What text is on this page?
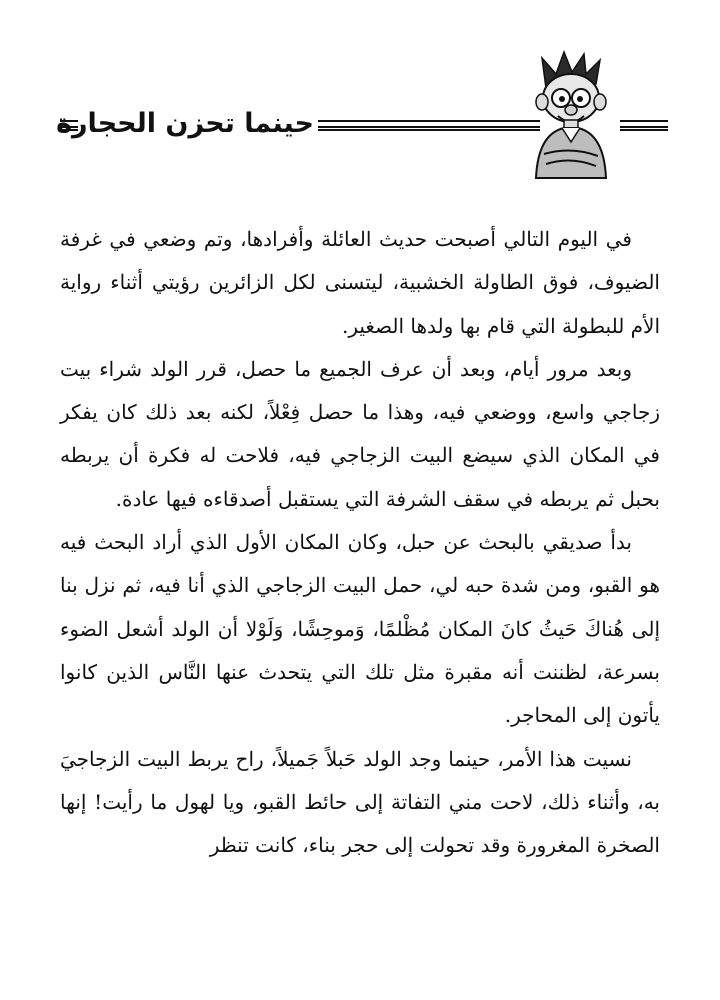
حينما تحزن الحجارة

في اليوم التالي أصبحت حديث العائلة وأفرادها، وتم وضعي في غرفة الضيوف، فوق الطاولة الخشبية، ليتسنى لكل الزائرين رؤيتي أثناء رواية الأم للبطولة التي قام بها ولدها الصغير.

وبعد مرور أيام، وبعد أن عرف الجميع ما حصل، قرر الولد شراء بيت زجاجي واسع، ووضعي فيه، وهذا ما حصل فِعْلاً، لكنه بعد ذلك كان يفكر في المكان الذي سيضع البيت الزجاجي فيه، فلاحت له فكرة أن يربطه بحبل ثم يربطه في سقف الشرفة التي يستقبل أصدقاءه فيها عادة.

بدأ صديقي بالبحث عن حبل، وكان المكان الأول الذي أراد البحث فيه هو القبو، ومن شدة حبه لي، حمل البيت الزجاجي الذي أنا فيه، ثم نزل بنا إلى هُناكَ حَيثُ كانَ المكان مُظْلمًا، وَموحِشًا، وَلَوْلا أن الولد أشعل الضوء بسرعة، لظننت أنه مقبرة مثل تلك التي يتحدث عنها النَّاس الذين كانوا يأتون إلى المحاجر.

نسيت هذا الأمر، حينما وجد الولد حَبلاً جَميلاً، راح يربط البيت الزجاجيَ به، وأثناء ذلك، لاحت مني التفاتة إلى حائط القبو، ويا لهول ما رأيت! إنها الصخرة المغرورة وقد تحولت إلى حجر بناء، كانت تنظر
